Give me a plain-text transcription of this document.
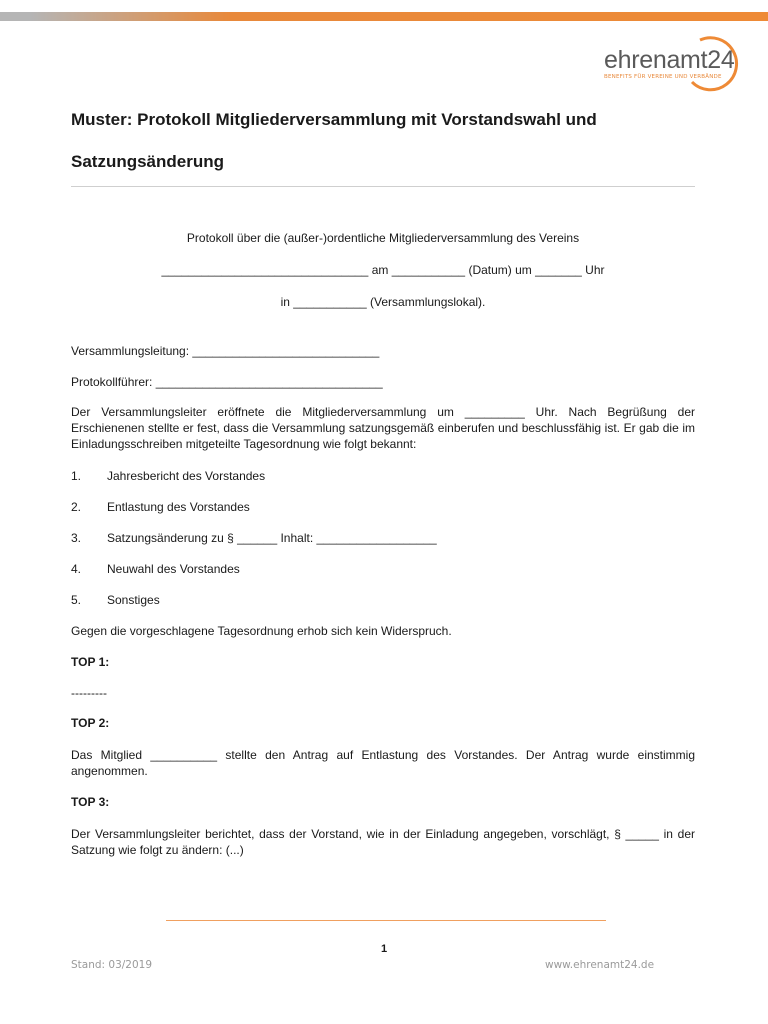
ehrenamt24
BENEFITS FÜR VEREINE UND VERBÄNDE
Muster: Protokoll Mitgliederversammlung mit Vorstandswahl und Satzungsänderung

Protokoll über die (außer-)ordentliche Mitgliederversammlung des Vereins

_______________________________ am ___________ (Datum) um _______ Uhr

in ___________ (Versammlungslokal).

Versammlungsleitung: ____________________________

Protokollführer: __________________________________

Der Versammlungsleiter eröffnete die Mitgliederversammlung um _________ Uhr. Nach Begrüßung der Erschienenen stellte er fest, dass die Versammlung satzungsgemäß einberufen und beschlussfähig ist. Er gab die im Einladungsschreiben mitgeteilte Tagesordnung wie folgt bekannt:

1. Jahresbericht des Vorstandes
2. Entlastung des Vorstandes
3. Satzungsänderung zu § ______ Inhalt: __________________
4. Neuwahl des Vorstandes
5. Sonstiges

Gegen die vorgeschlagene Tagesordnung erhob sich kein Widerspruch.

TOP 1:

---------

TOP 2:

Das Mitglied __________ stellte den Antrag auf Entlastung des Vorstandes. Der Antrag wurde einstimmig angenommen.

TOP 3:

Der Versammlungsleiter berichtet, dass der Vorstand, wie in der Einladung angegeben, vorschlägt, § _____ in der Satzung wie folgt zu ändern: (...)

1
Stand: 03/2019	www.ehrenamt24.de
